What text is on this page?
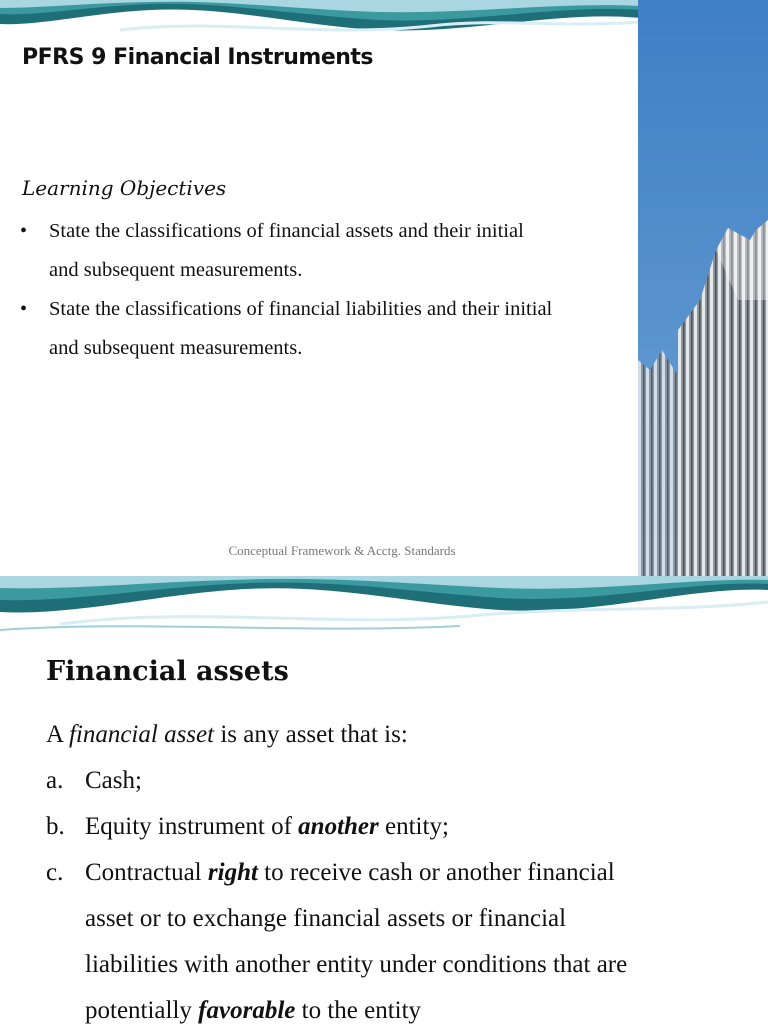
PFRS 9 Financial Instruments
Learning Objectives
• State the classifications of financial assets and their initial
and subsequent measurements.
• State the classifications of financial liabilities and their initial
and subsequent measurements.
Conceptual Framework & Acctg. Standards
Financial assets
A financial asset is any asset that is:
a. Cash;
b. Equity instrument of another entity;
c. Contractual right to receive cash or another financial
asset or to exchange financial assets or financial
liabilities with another entity under conditions that are
potentially favorable to the entity
